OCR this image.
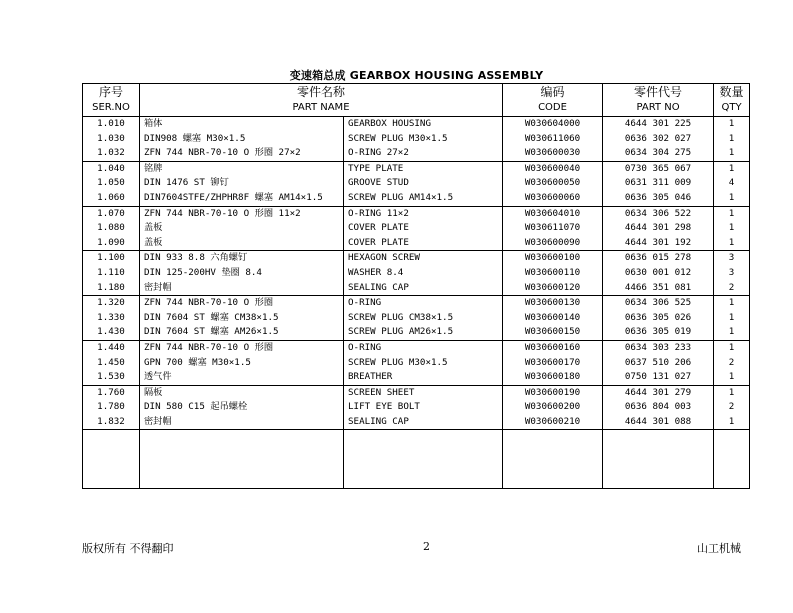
变速箱总成 GEARBOX HOUSING ASSEMBLY
序号	零件名称		编码	零件代号	数量
SER.NO	PART NAME		CODE	PART NO	QTY
1.010	箱体	GEARBOX HOUSING	W030604000	4644 301 225	1
1.030	DIN908 螺塞 M30×1.5	SCREW PLUG M30×1.5	W030611060	0636 302 027	1
1.032	ZFN 744 NBR-70-10 O 形圈 27×2	O-RING 27×2	W030600030	0634 304 275	1
1.040	铭牌	TYPE PLATE	W030600040	0730 365 067	1
1.050	DIN 1476 ST 铆钉	GROOVE STUD	W030600050	0631 311 009	4
1.060	DIN7604STFE/ZHPHR8F 螺塞 AM14×1.5	SCREW PLUG AM14×1.5	W030600060	0636 305 046	1
1.070	ZFN 744 NBR-70-10 O 形圈 11×2	O-RING 11×2	W030604010	0634 306 522	1
1.080	盖板	COVER PLATE	W030611070	4644 301 298	1
1.090	盖板	COVER PLATE	W030600090	4644 301 192	1
1.100	DIN 933 8.8 六角螺钉	HEXAGON SCREW	W030600100	0636 015 278	3
1.110	DIN 125-200HV 垫圈 8.4	WASHER 8.4	W030600110	0630 001 012	3
1.180	密封帽	SEALING CAP	W030600120	4466 351 081	2
1.320	ZFN 744 NBR-70-10 O 形圈	O-RING	W030600130	0634 306 525	1
1.330	DIN 7604 ST 螺塞 CM38×1.5	SCREW PLUG CM38×1.5	W030600140	0636 305 026	1
1.430	DIN 7604 ST 螺塞 AM26×1.5	SCREW PLUG AM26×1.5	W030600150	0636 305 019	1
1.440	ZFN 744 NBR-70-10 O 形圈	O-RING	W030600160	0634 303 233	1
1.450	GPN 700 螺塞 M30×1.5	SCREW PLUG M30×1.5	W030600170	0637 510 206	2
1.530	透气件	BREATHER	W030600180	0750 131 027	1
1.760	隔板	SCREEN SHEET	W030600190	4644 301 279	1
1.780	DIN 580 C15 起吊螺栓	LIFT EYE BOLT	W030600200	0636 804 003	2
1.832	密封帽	SEALING CAP	W030600210	4644 301 088	1

版权所有 不得翻印	2	山工机械
